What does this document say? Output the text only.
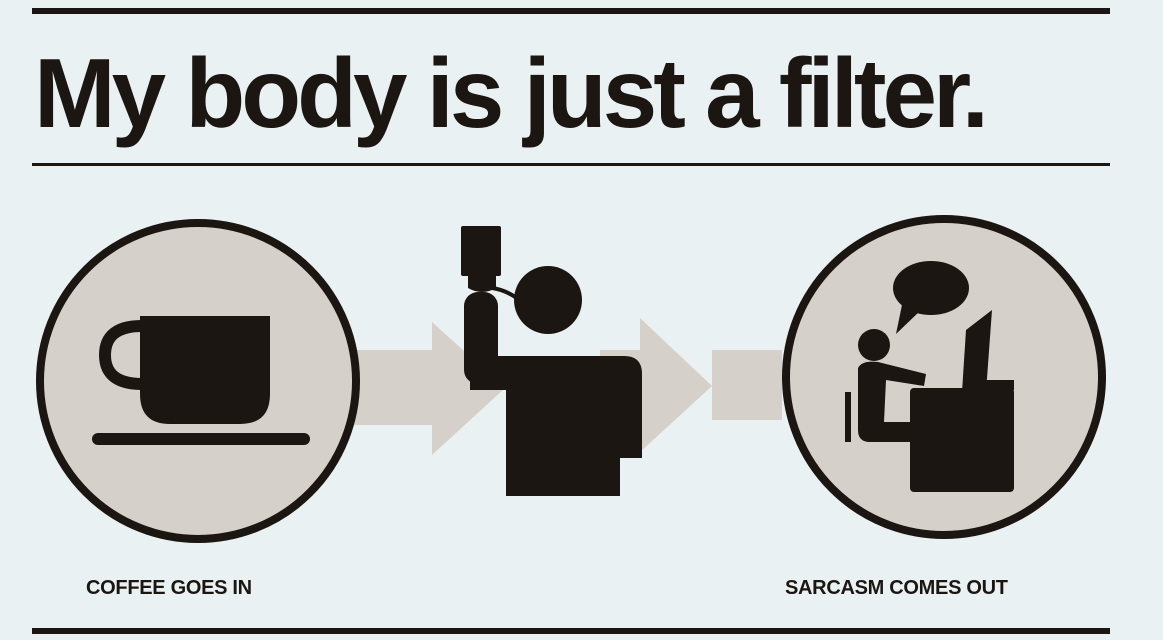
My body is just a filter.
COFFEE GOES IN	SARCASM COMES OUT
